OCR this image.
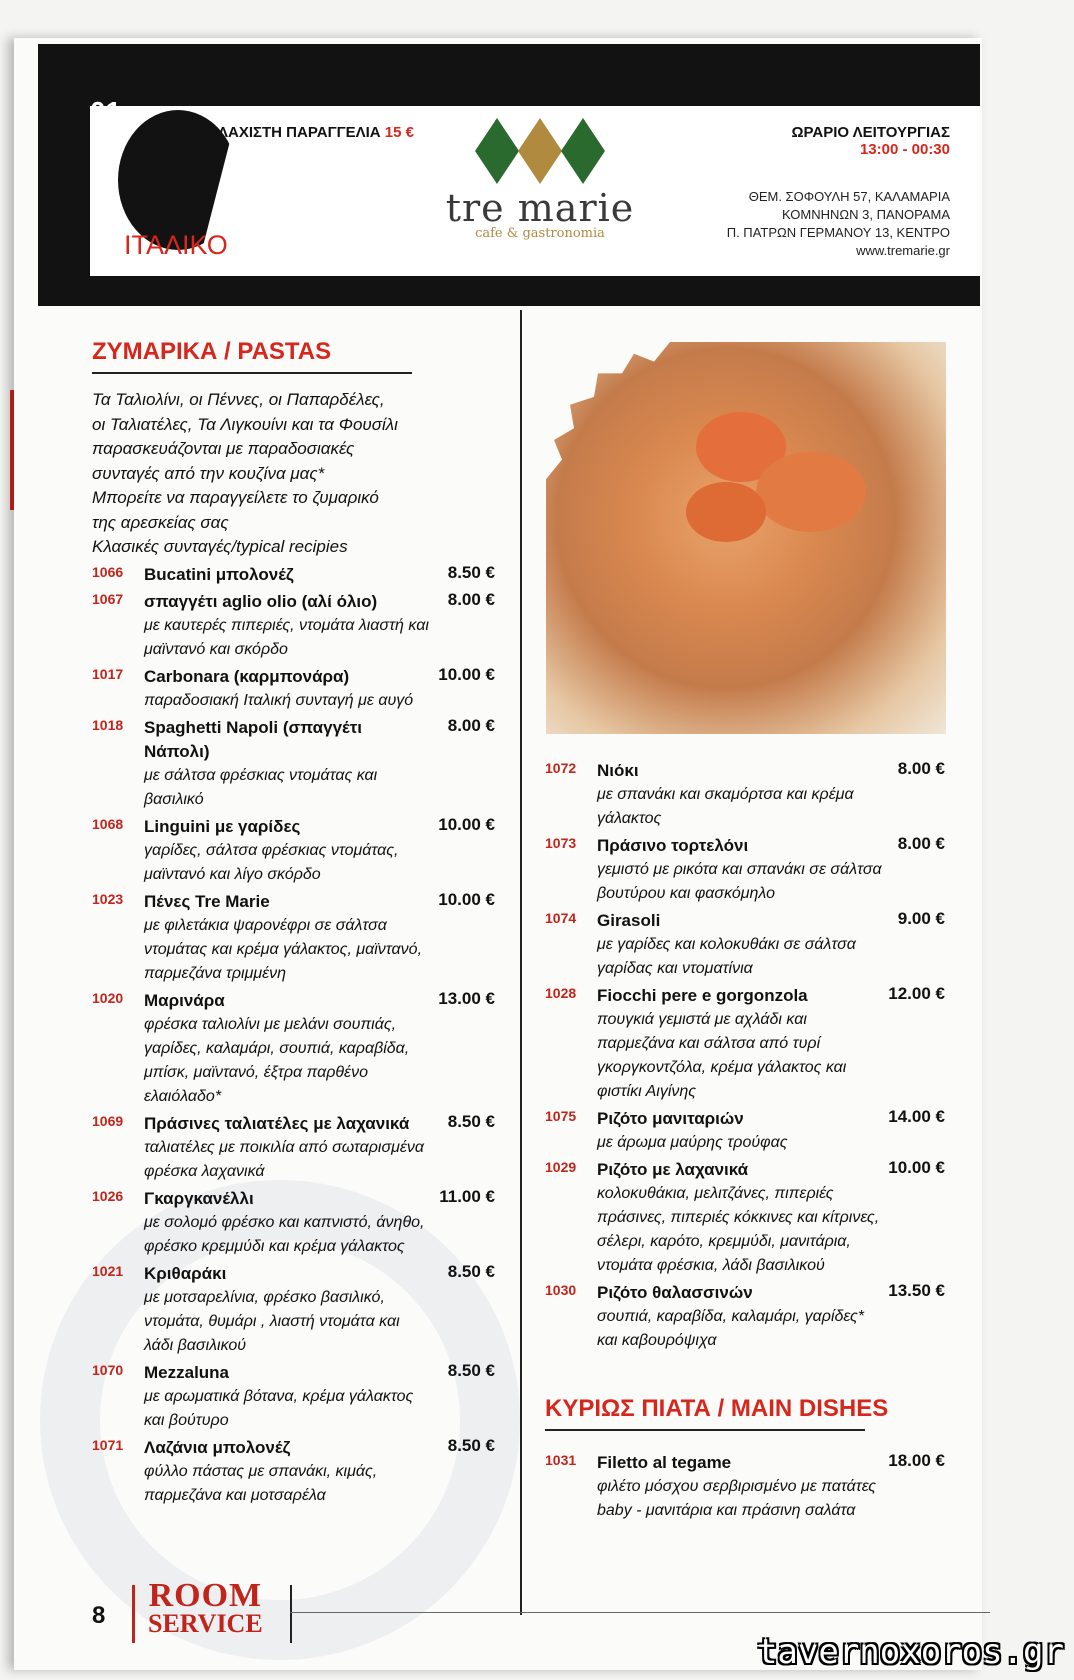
01
ΕΛΑΧΙΣΤΗ ΠΑΡΑΓΓΕΛΙΑ 15 €
ΙΤΑΛΙΚΟ
tre marie
cafe & gastronomia
ΩΡΑΡΙΟ ΛΕΙΤΟΥΡΓΙΑΣ
13:00 - 00:30
ΘΕΜ. ΣΟΦΟΥΛΗ 57, ΚΑΛΑΜΑΡΙΑ
ΚΟΜΝΗΝΩΝ 3, ΠΑΝΟΡΑΜΑ
Π. ΠΑΤΡΩΝ ΓΕΡΜΑΝΟΥ 13, ΚΕΝΤΡΟ
www.tremarie.gr
ΖΥΜΑΡΙΚΑ / PASTAS
Τα Ταλιολίνι, οι Πέννες, οι Παπαρδέλες,
οι Ταλιατέλες, Τα Λιγκουίνι και τα Φουσίλι
παρασκευάζονται με παραδοσιακές
συνταγές από την κουζίνα μας*
Μπορείτε να παραγγείλετε το ζυμαρικό
της αρεσκείας σας
Κλασικές συνταγές/typical recipies
1066 Bucatini μπολονέζ	8.50 €
1067 σπαγγέτι aglio olio (αλί όλιο)	8.00 €
με καυτερές πιπεριές, ντομάτα λιαστή και μαϊντανό και σκόρδο
1017 Carbonara (καρμπονάρα)	10.00 €
παραδοσιακή Ιταλική συνταγή με αυγό
1018 Spaghetti Napoli (σπαγγέτι Νάπολι)
8.00 €
με σάλτσα φρέσκιας ντομάτας και βασιλικό
1068 Linguini με γαρίδες	10.00 €
γαρίδες, σάλτσα φρέσκιας ντομάτας, μαϊντανό και λίγο σκόρδο
1023 Πένες Tre Marie	10.00 €
με φιλετάκια ψαρονέφρι σε σάλτσα ντομάτας και κρέμα γάλακτος, μαϊντανό, παρμεζάνα τριμμένη
1020 Μαρινάρα	13.00 €
φρέσκα ταλιολίνι με μελάνι σουπιάς, γαρίδες, καλαμάρι, σουπιά, καραβίδα, μπίσκ, μαϊντανό, έξτρα παρθένο ελαιόλαδο*
1069 Πράσινες ταλιατέλες με λαχανικά	8.50 €
ταλιατέλες με ποικιλία από σωταρισμένα φρέσκα λαχανικά
1026 Γκαργκανέλλι	11.00 €
με σολομό φρέσκο και καπνιστό, άνηθο, φρέσκο κρεμμύδι και κρέμα γάλακτος
1021 Κριθαράκι	8.50 €
με μοτσαρελίνια, φρέσκο βασιλικό, ντομάτα, θυμάρι , λιαστή ντομάτα και λάδι βασιλικού
1070 Mezzaluna	8.50 €
με αρωματικά βότανα, κρέμα γάλακτος και βούτυρο
1071 Λαζάνια μπολονέζ	8.50 €
φύλλο πάστας με σπανάκι, κιμάς, παρμεζάνα και μοτσαρέλα
1072 Νιόκι	8.00 €
με σπανάκι και σκαμόρτσα και κρέμα γάλακτος
1073 Πράσινο τορτελόνι	8.00 €
γεμιστό με ρικότα και σπανάκι σε σάλτσα βουτύρου και φασκόμηλο
1074 Girasoli	9.00 €
με γαρίδες και κολοκυθάκι σε σάλτσα γαρίδας και ντοματίνια
1028 Fiocchi pere e gorgonzola	12.00 €
πουγκιά γεμιστά με αχλάδι και παρμεζάνα και σάλτσα από τυρί γκοργκοντζόλα, κρέμα γάλακτος και φιστίκι Αιγίνης
1075 Ριζότο μανιταριών	14.00 €
με άρωμα μαύρης τρούφας
1029 Ριζότο με λαχανικά	10.00 €
κολοκυθάκια, μελιτζάνες, πιπεριές πράσινες, πιπεριές κόκκινες και κίτρινες, σέλερι, καρότο, κρεμμύδι, μανιτάρια, ντομάτα φρέσκια, λάδι βασιλικού
1030 Ριζότο θαλασσινών	13.50 €
σουπιά, καραβίδα, καλαμάρι, γαρίδες* και καβουρόψιχα
ΚΥΡΙΩΣ ΠΙΑΤΑ / MAIN DISHES
1031 Filetto al tegame	18.00 €
φιλέτο μόσχου σερβιρισμένο με πατάτες baby - μανιτάρια και πράσινη σαλάτα
8
ROOM
SERVICE
tavernoxoros.gr
